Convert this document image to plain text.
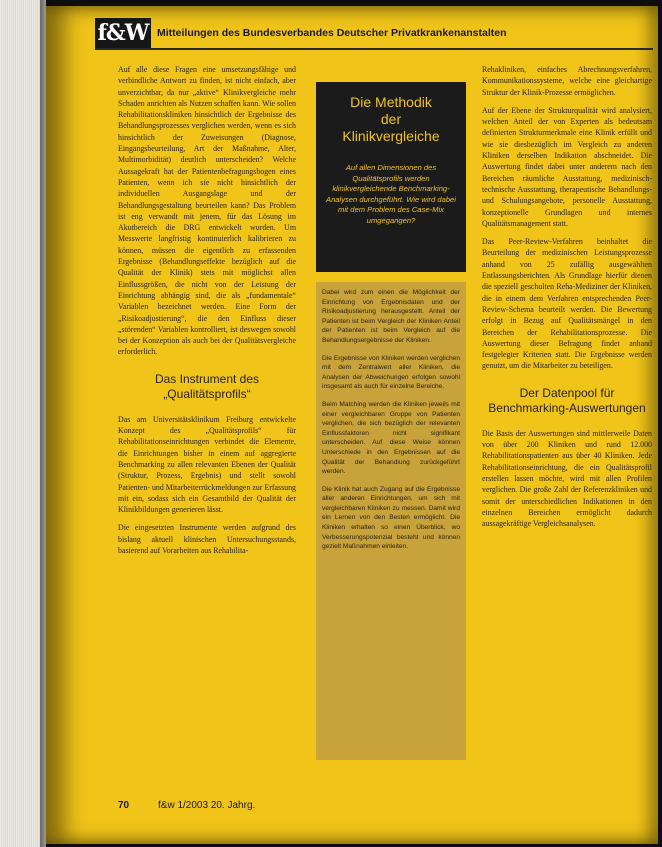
f&W Mitteilungen des Bundesverbandes Deutscher Privatkrankenanstalten

Auf alle diese Fragen eine umsetzungsfähige und verbindliche Antwort zu finden, ist nicht einfach, aber unverzichtbar, da nur „aktive“ Klinikvergleiche mehr Schaden anrichten als Nutzen schaffen kann. Wie sollen Rehabilitationskliniken hinsichtlich der Ergebnisse des Behandlungsprozesses verglichen werden, wenn es sich hinsichtlich der Zuweisungen (Diagnose, Eingangsbeurteilung, Art der Maßnahme, Alter, Multimorbidität) deutlich unterscheiden? Welche Aussagekraft hat der Patientenbefragungsbogen eines Patienten, wenn ich sie nicht hinsichtlich der individuellen Ausgangslage und der Behandlungsgestaltung beurteilen kann? Das Problem ist eng verwandt mit jenem, für das Lösung im Akutbereich die DRG entwickelt wurden. Um Messwerte langfristig kontinuierlich kalibrieren zu können, müssen die eigentlich zu erfassenden Ergebnisse (Behandlungseffekte bezüglich auf die Qualität der Klinik) stets mit möglichst allen Einflussgrößen, die nicht von der Leistung der Einrichtung abhängig sind, die als „fundamentale“ Variablen bezeichnet werden. Eine Form der „Risikoadjustierung“, die den Einfluss dieser „störenden“ Variablen kontrolliert, ist deswegen sowohl bei der Konzeption als auch bei der Qualitätsvergleiche erforderlich.

Das Instrument des „Qualitätsprofils“

Das am Universitätsklinikum Freiburg entwickelte Konzept des „Qualitätsprofils“ für Rehabilitationseinrichtungen verbindet die Elemente, die Einrichtungen bisher in einem auf aggregierte Benchmarking zu allen relevanten Ebenen der Qualität (Struktur, Prozess, Ergebnis) und stellt sowohl Patienten- und Mitarbeiterrückmeldungen zur Erfassung mit ein, sodass sich ein Gesamtbild der Qualität der Klinikbildungen generieren lässt.

Die eingesetzten Instrumente werden aufgrund des bislang aktuell klinischen Untersuchungsstands, basierend auf Vorarbeiten aus Rehabilita-

Die Methodik
der
Klinikvergleiche
Auf allen Dimensionen des Qualitätsprofils werden klinikvergleichende Benchmarking-Analysen durchgeführt. Wie wird dabei mit dem Problem des Case-Mix umgegangen?

Dabei wird zum einen die Möglichkeit der Einrichtung von Ergebnisdaten und der Risikoadjustierung herausgestellt. Anteil der Patienten ist beim Vergleich der Kliniken Anteil der Patienten ist beim Vergleich auf die Behandlungsergebnisse der Kliniken.

Die Ergebnisse von Kliniken werden verglichen mit dem Zentralwert aller Kliniken, die Analysen der Abweichungen erfolgen sowohl insgesamt als auch für einzelne Bereiche.

Beim Matching werden die Kliniken jeweils mit einer vergleichbaren Gruppe von Patienten verglichen, die sich bezüglich der relevanten Einflussfaktoren nicht signifikant unterscheiden. Auf diese Weise können Unterschiede in den Ergebnissen auf die Qualität der Behandlung zurückgeführt werden.

Die Klinik hat auch Zugang auf die Ergebnisse aller anderen Einrichtungen, um sich mit vergleichbaren Kliniken zu messen. Damit wird ein Lernen von den Besten ermöglicht. Die Kliniken erhalten so einen Überblick, wo Verbesserungspotenzial besteht und können gezielt Maßnahmen einleiten.

Rehakliniken, einfaches Abrechnungsverfahren, Kommunikationssysteme, welche eine gleichartige Struktur der Klinik-Prozesse ermöglichen.

Auf der Ebene der Strukturqualität wird analysiert, welchen Anteil der von Experten als bedeutsam definierten Strukturmerkmale eine Klinik erfüllt und wie sie diesbezüglich im Vergleich zu anderen Kliniken derselben Indikation abschneidet. Die Auswertung findet dabei unter anderem nach den Bereichen räumliche Ausstattung, medizinisch-technische Ausstattung, therapeutische Behandlungs- und Schulungsangebote, personelle Ausstattung, konzeptionelle Grundlagen und internes Qualitätsmanagement statt.

Das Peer-Review-Verfahren beinhaltet die Beurteilung der medizinischen Leistungsprozesse anhand von 25 zufällig ausgewählten Entlassungsberichten. Als Grundlage hierfür dienen die speziell geschulten Reha-Mediziner der Kliniken, die in einem dem Verfahren entsprechenden Peer-Review-Schema beurteilt werden. Die Bewertung erfolgt in Bezug auf Qualitätsmängel in den Bereichen der Rehabilitationsprozesse. Die Auswertung dieser Befragung findet anhand festgelegter Kriterien statt. Die Ergebnisse werden genutzt, um die Mitarbeiter zu beteiligen.

Der Datenpool für Benchmarking-Auswertungen

Die Basis der Auswertungen sind mittlerweile Daten von über 200 Kliniken und rund 12.000 Rehabilitationspatienten aus über 40 Kliniken. Jede Rehabilitationseinrichtung, die ein Qualitätsprofil erstellen lassen möchte, wird mit allen Profilen verglichen. Die große Zahl der Referenzkliniken und somit der unterschiedlichen Indikationen in den einzelnen Bereichen ermöglicht dadurch aussagekräftige Vergleichsanalysen.

70	f&w 1/2003 20. Jahrg.
